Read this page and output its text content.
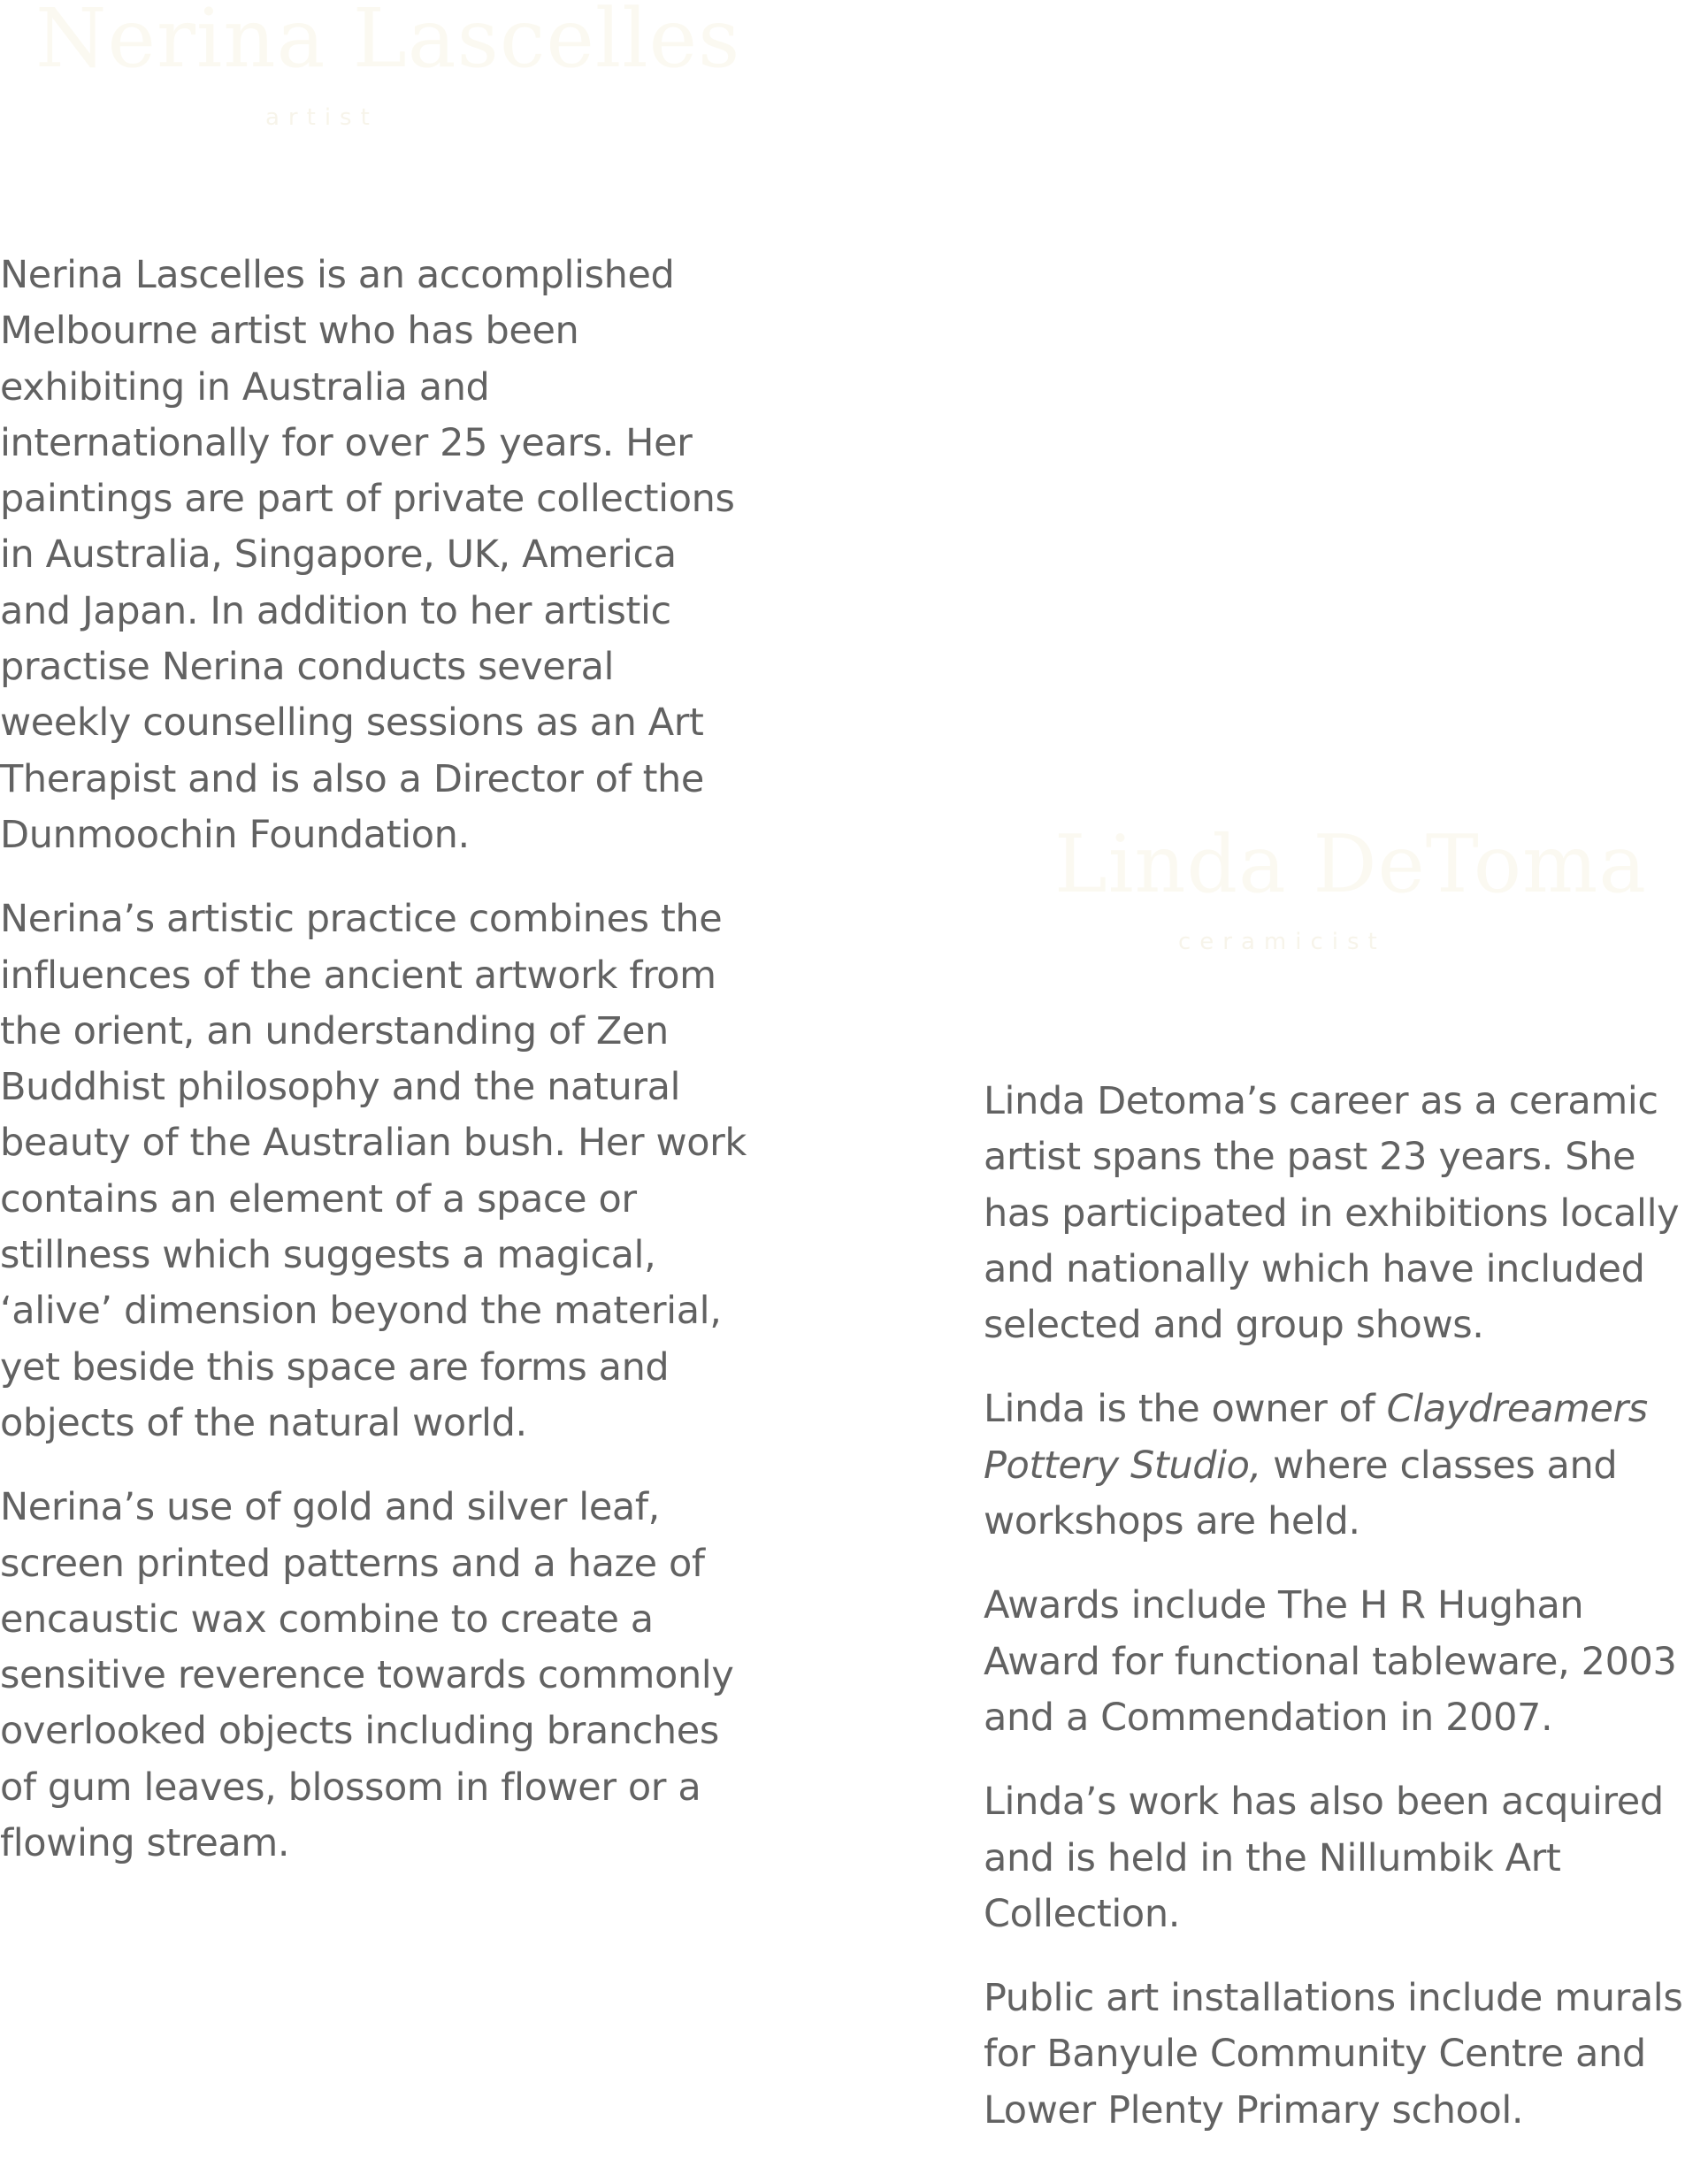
Nerina Lascelles
artist

Nerina Lascelles is an accomplished Melbourne artist who has been exhibiting in Australia and internationally for over 25 years. Her paintings are part of private collections in Australia, Singapore, UK, America and Japan. In addition to her artistic practise Nerina conducts several weekly counselling sessions as an Art Therapist and is also a Director of the Dunmoochin Foundation.

Nerina’s artistic practice combines the influences of the ancient artwork from the orient, an understanding of Zen Buddhist philosophy and the natural beauty of the Australian bush. Her work contains an element of a space or stillness which suggests a magical, ‘alive’ dimension beyond the material, yet beside this space are forms and objects of the natural world.

Nerina’s use of gold and silver leaf, screen printed patterns and a haze of encaustic wax combine to create a sensitive reverence towards commonly overlooked objects including branches of gum leaves, blossom in flower or a flowing stream.

Linda DeToma
ceramicist

Linda Detoma’s career as a ceramic artist spans the past 23 years. She has participated in exhibitions locally and nationally which have included selected and group shows.

Linda is the owner of Claydreamers Pottery Studio, where classes and workshops are held.

Awards include The H R Hughan Award for functional tableware, 2003 and a Commendation in 2007.

Linda’s work has also been acquired and is held in the Nillumbik Art Collection.

Public art installations include murals for Banyule Community Centre and Lower Plenty Primary school.
